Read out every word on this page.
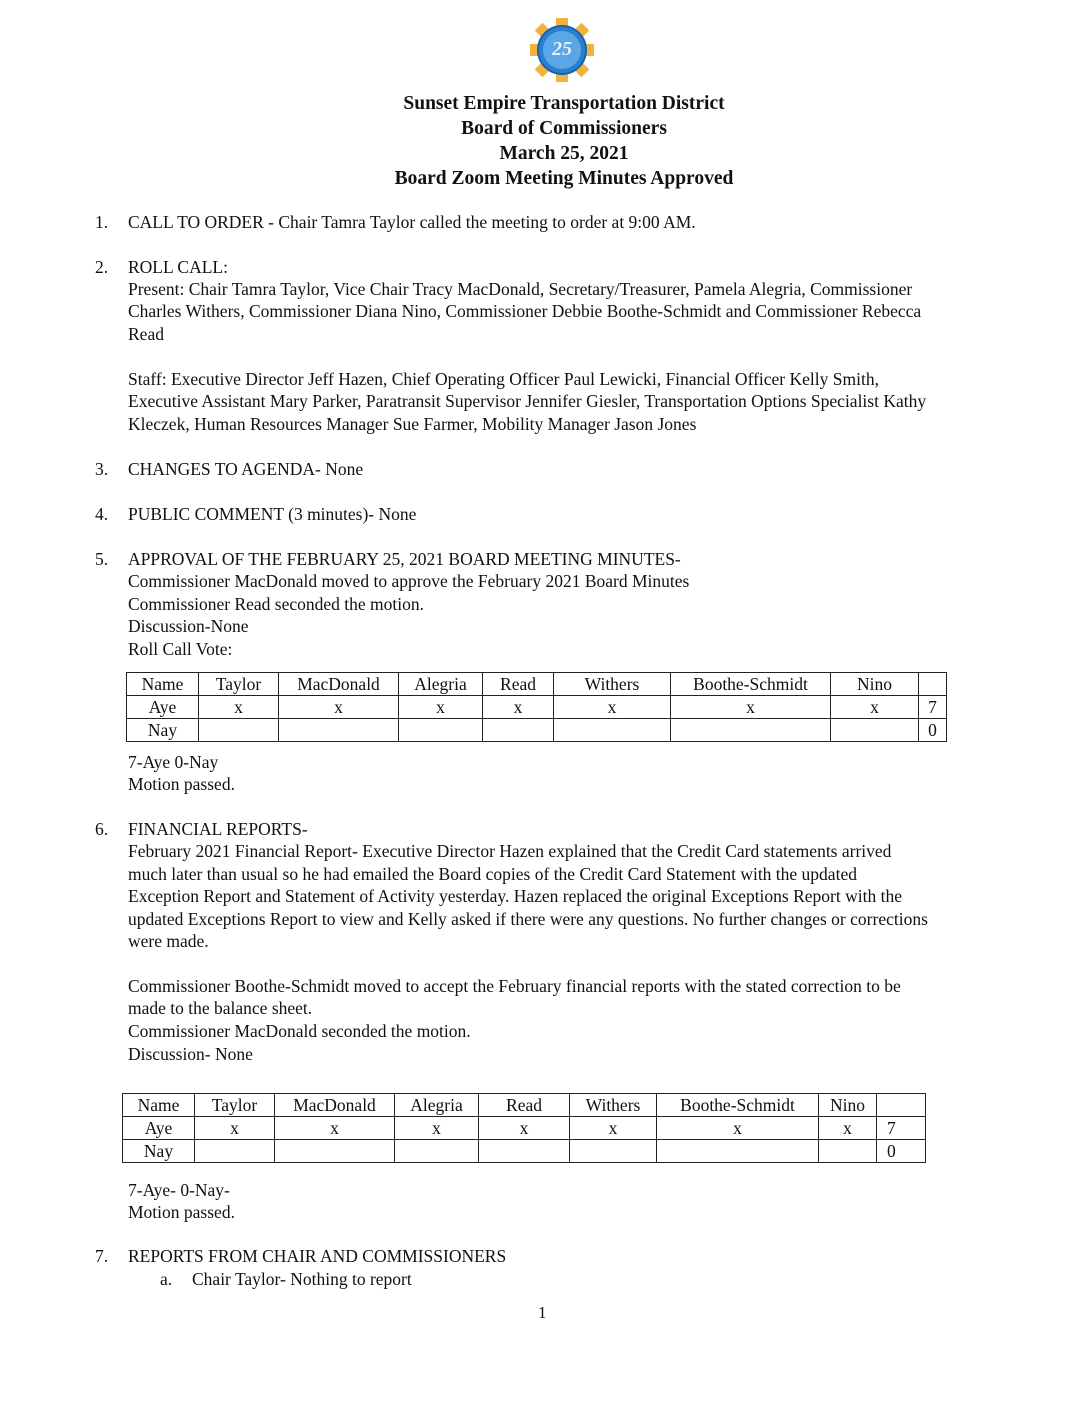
25
Sunset Empire Transportation District
Board of Commissioners
March 25, 2021
Board Zoom Meeting Minutes Approved
1. CALL TO ORDER - Chair Tamra Taylor called the meeting to order at 9:00 AM.
2. ROLL CALL:
Present: Chair Tamra Taylor, Vice Chair Tracy MacDonald, Secretary/Treasurer, Pamela Alegria, Commissioner
Charles Withers, Commissioner Diana Nino, Commissioner Debbie Boothe-Schmidt and Commissioner Rebecca
Read
Staff: Executive Director Jeff Hazen, Chief Operating Officer Paul Lewicki, Financial Officer Kelly Smith,
Executive Assistant Mary Parker, Paratransit Supervisor Jennifer Giesler, Transportation Options Specialist Kathy
Kleczek, Human Resources Manager Sue Farmer, Mobility Manager Jason Jones
3. CHANGES TO AGENDA- None
4. PUBLIC COMMENT (3 minutes)- None
5. APPROVAL OF THE FEBRUARY 25, 2021 BOARD MEETING MINUTES-
Commissioner MacDonald moved to approve the February 2021 Board Minutes
Commissioner Read seconded the motion.
Discussion-None
Roll Call Vote:
Name	Taylor	MacDonald	Alegria	Read	Withers	Boothe-Schmidt	Nino	
Aye	x	x	x	x	x	x	x	7
Nay								0
7-Aye 0-Nay
Motion passed.
6. FINANCIAL REPORTS-
February 2021 Financial Report- Executive Director Hazen explained that the Credit Card statements arrived
much later than usual so he had emailed the Board copies of the Credit Card Statement with the updated
Exception Report and Statement of Activity yesterday. Hazen replaced the original Exceptions Report with the
updated Exceptions Report to view and Kelly asked if there were any questions. No further changes or corrections
were made.
Commissioner Boothe-Schmidt moved to accept the February financial reports with the stated correction to be
made to the balance sheet.
Commissioner MacDonald seconded the motion.
Discussion- None
Name	Taylor	MacDonald	Alegria	Read	Withers	Boothe-Schmidt	Nino	
Aye	x	x	x	x	x	x	x	7
Nay								0
7-Aye- 0-Nay-
Motion passed.
7. REPORTS FROM CHAIR AND COMMISSIONERS
a. Chair Taylor- Nothing to report
1
